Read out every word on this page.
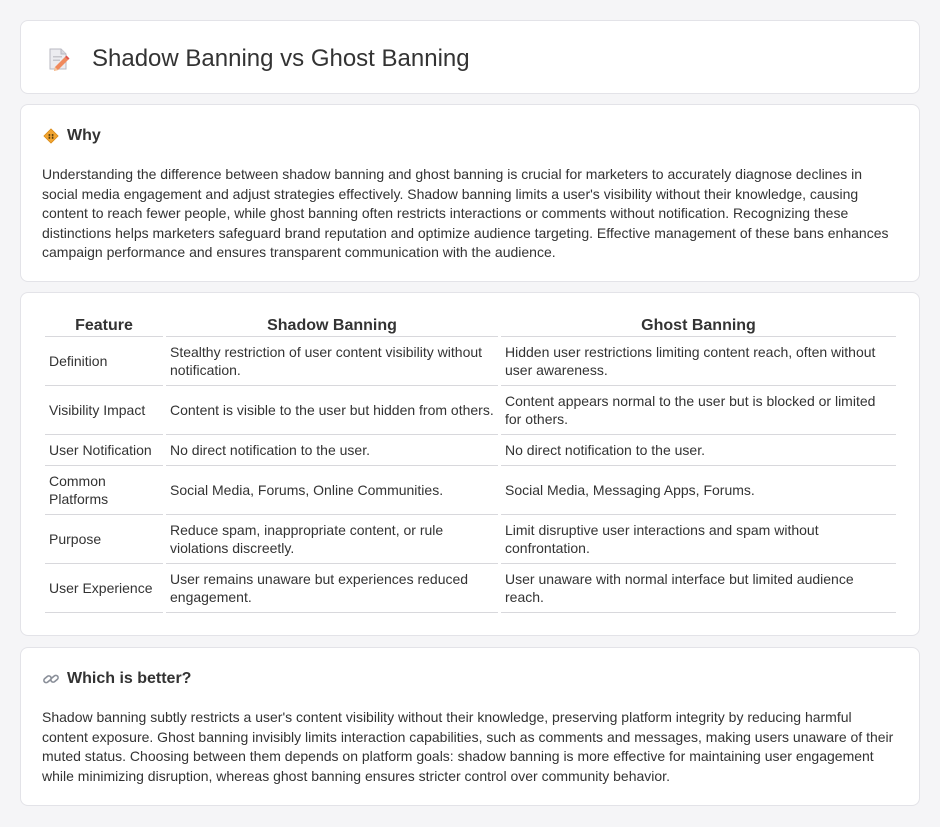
Shadow Banning vs Ghost Banning
Why

Understanding the difference between shadow banning and ghost banning is crucial for marketers to accurately diagnose declines in social media engagement and adjust strategies effectively. Shadow banning limits a user's visibility without their knowledge, causing content to reach fewer people, while ghost banning often restricts interactions or comments without notification. Recognizing these distinctions helps marketers safeguard brand reputation and optimize audience targeting. Effective management of these bans enhances campaign performance and ensures transparent communication with the audience.

Feature	Shadow Banning	Ghost Banning
Definition	Stealthy restriction of user content visibility without notification.	Hidden user restrictions limiting content reach, often without user awareness.
Visibility Impact	Content is visible to the user but hidden from others.	Content appears normal to the user but is blocked or limited for others.
User Notification	No direct notification to the user.	No direct notification to the user.
Common Platforms	Social Media, Forums, Online Communities.	Social Media, Messaging Apps, Forums.
Purpose	Reduce spam, inappropriate content, or rule violations discreetly.	Limit disruptive user interactions and spam without confrontation.
User Experience	User remains unaware but experiences reduced engagement.	User unaware with normal interface but limited audience reach.
Which is better?

Shadow banning subtly restricts a user's content visibility without their knowledge, preserving platform integrity by reducing harmful content exposure. Ghost banning invisibly limits interaction capabilities, such as comments and messages, making users unaware of their muted status. Choosing between them depends on platform goals: shadow banning is more effective for maintaining user engagement while minimizing disruption, whereas ghost banning ensures stricter control over community behavior.
